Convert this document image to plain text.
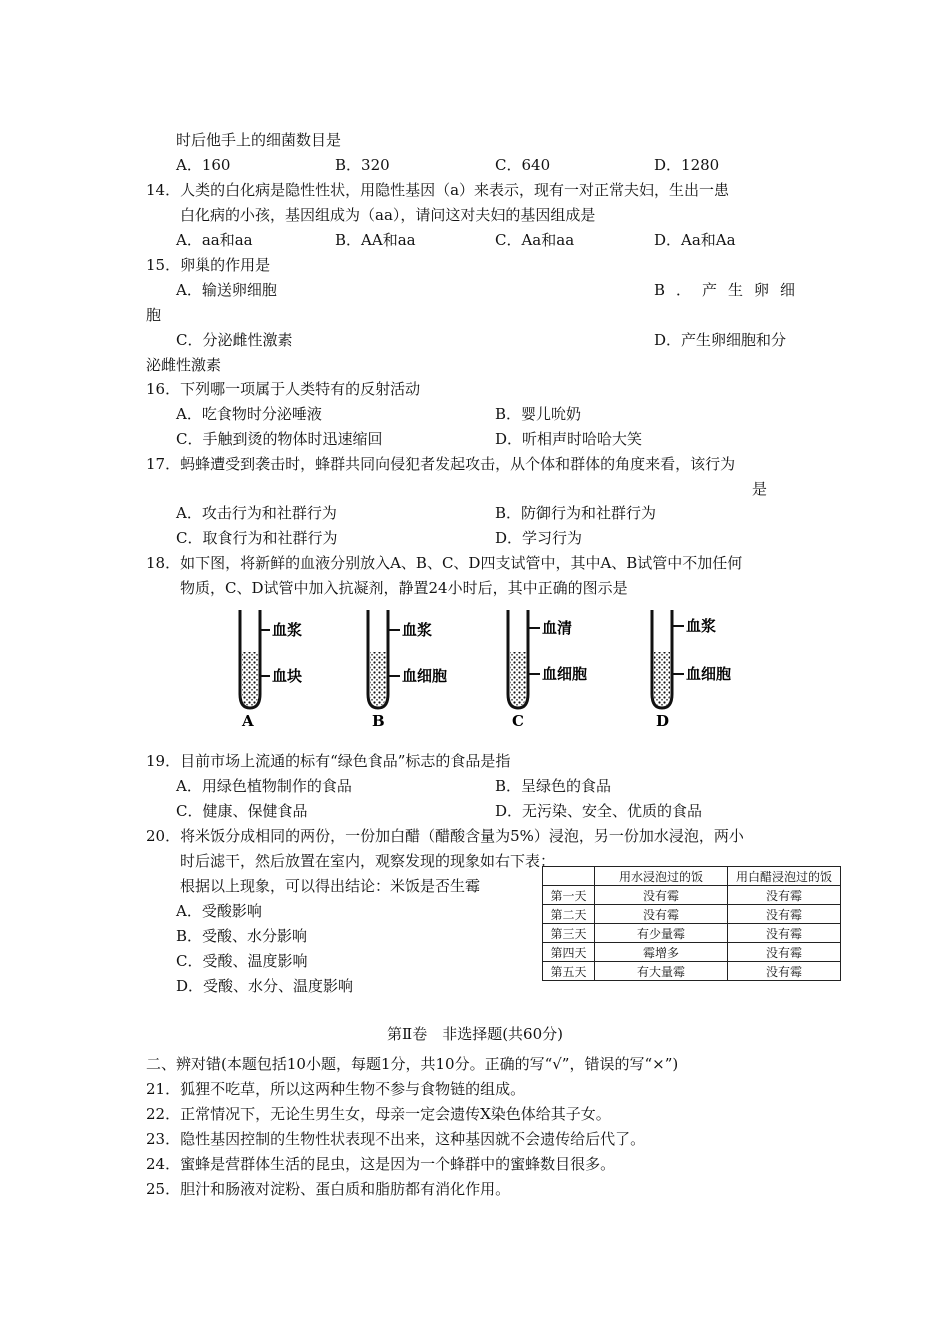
时后他手上的细菌数目是
A．160	B．320	C．640	D．1280
14．人类的白化病是隐性性状，用隐性基因（a）来表示，现有一对正常夫妇，生出一患
白化病的小孩，基因组成为（aa），请问这对夫妇的基因组成是
A．aa和aa	B．AA和aa	C．Aa和aa	D．Aa和Aa
15．卵巢的作用是
A．输送卵细胞	B．产生卵细
胞
C．分泌雌性激素	D．产生卵细胞和分
泌雌性激素
16．下列哪一项属于人类特有的反射活动
A．吃食物时分泌唾液	B．婴儿吮奶
C．手触到烫的物体时迅速缩回	D．听相声时哈哈大笑
17．蚂蜂遭受到袭击时，蜂群共同向侵犯者发起攻击，从个体和群体的角度来看，该行为
是
A．攻击行为和社群行为	B．防御行为和社群行为
C．取食行为和社群行为	D．学习行为
18．如下图，将新鲜的血液分别放入A、B、C、D四支试管中，其中A、B试管中不加任何
物质，C、D试管中加入抗凝剂，静置24小时后，其中正确的图示是
血浆
血块
A
血浆
血细胞
B
血清
血细胞
C
血浆
血细胞
D
19．目前市场上流通的标有“绿色食品”标志的食品是指
A．用绿色植物制作的食品	B．呈绿色的食品
C．健康、保健食品	D．无污染、安全、优质的食品
20．将米饭分成相同的两份，一份加白醋（醋酸含量为5%）浸泡，另一份加水浸泡，两小
时后滤干，然后放置在室内，观察发现的现象如右下表：
根据以上现象，可以得出结论：米饭是否生霉
A．受酸影响
B．受酸、水分影响
C．受酸、温度影响
D．受酸、水分、温度影响
	用水浸泡过的饭	用白醋浸泡过的饭
第一天	没有霉	没有霉
第二天	没有霉	没有霉
第三天	有少量霉	没有霉
第四天	霉增多	没有霉
第五天	有大量霉	没有霉
第Ⅱ卷　非选择题(共60分)
二、辨对错(本题包括10小题，每题1分，共10分。正确的写“√”，错误的写“×”)
21．狐狸不吃草，所以这两种生物不参与食物链的组成。
22．正常情况下，无论生男生女，母亲一定会遗传X染色体给其子女。
23．隐性基因控制的生物性状表现不出来，这种基因就不会遗传给后代了。
24．蜜蜂是营群体生活的昆虫，这是因为一个蜂群中的蜜蜂数目很多。
25．胆汁和肠液对淀粉、蛋白质和脂肪都有消化作用。
